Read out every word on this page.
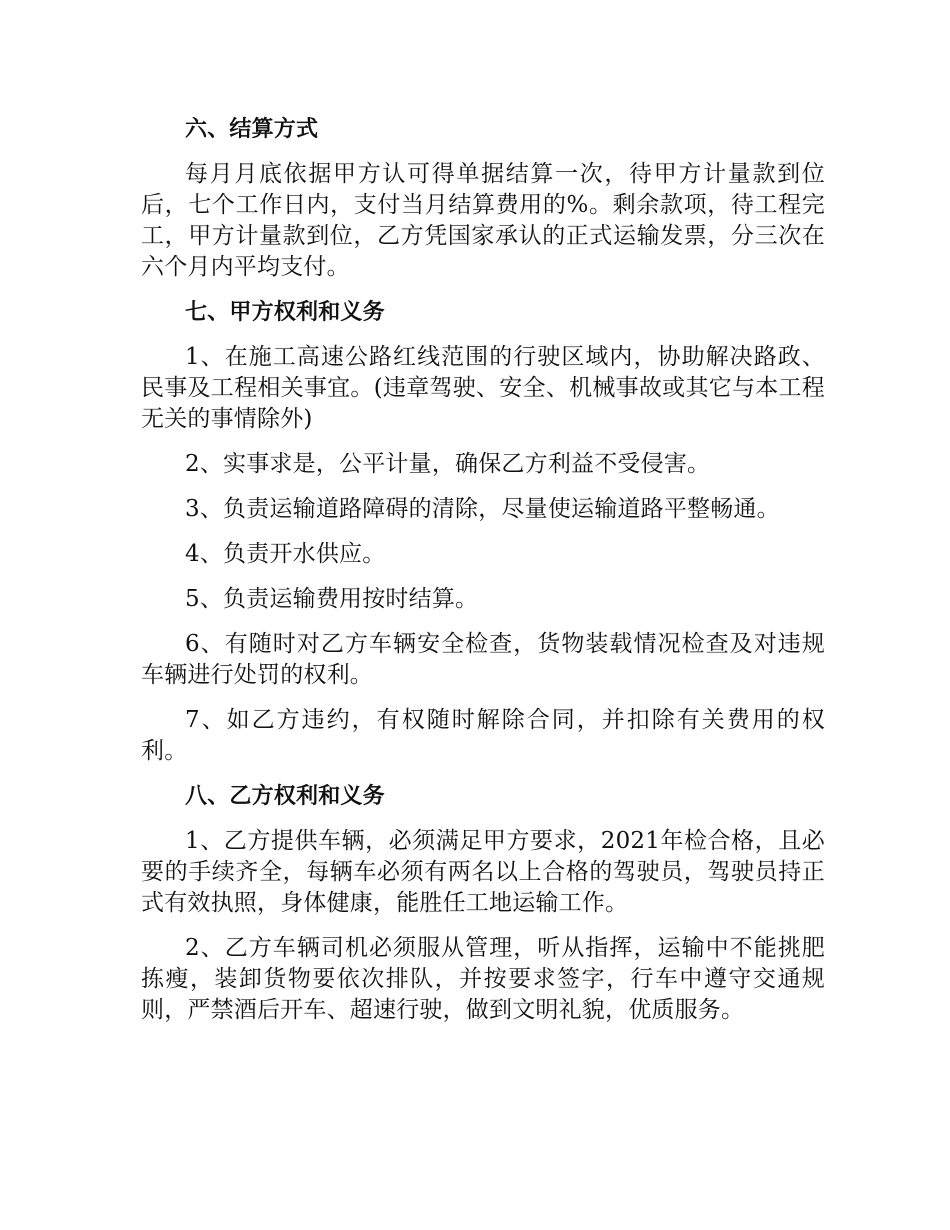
六、结算方式

每月月底依据甲方认可得单据结算一次，待甲方计量款到位后，七个工作日内，支付当月结算费用的%。剩余款项，待工程完工，甲方计量款到位，乙方凭国家承认的正式运输发票，分三次在六个月内平均支付。

七、甲方权利和义务

1、在施工高速公路红线范围的行驶区域内，协助解决路政、民事及工程相关事宜。(违章驾驶、安全、机械事故或其它与本工程无关的事情除外)

2、实事求是，公平计量，确保乙方利益不受侵害。

3、负责运输道路障碍的清除，尽量使运输道路平整畅通。

4、负责开水供应。

5、负责运输费用按时结算。

6、有随时对乙方车辆安全检查，货物装载情况检查及对违规车辆进行处罚的权利。

7、如乙方违约，有权随时解除合同，并扣除有关费用的权利。

八、乙方权利和义务

1、乙方提供车辆，必须满足甲方要求，2021年检合格，且必要的手续齐全，每辆车必须有两名以上合格的驾驶员，驾驶员持正式有效执照，身体健康，能胜任工地运输工作。

2、乙方车辆司机必须服从管理，听从指挥，运输中不能挑肥拣瘦，装卸货物要依次排队，并按要求签字，行车中遵守交通规则，严禁酒后开车、超速行驶，做到文明礼貌，优质服务。
